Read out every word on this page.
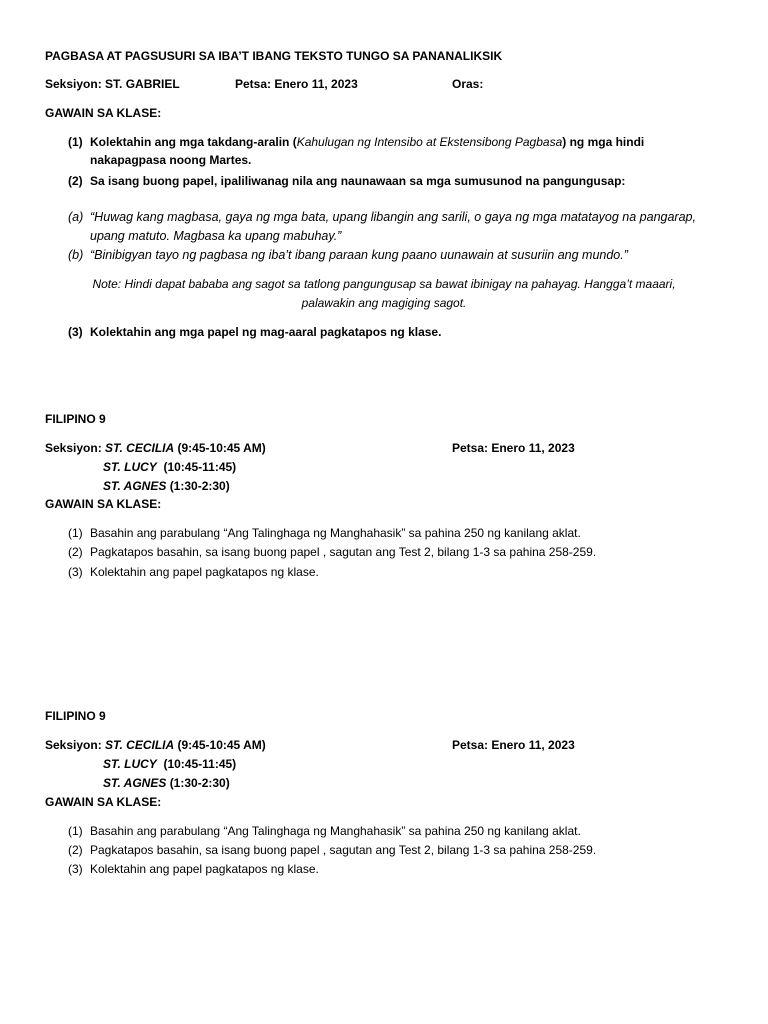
PAGBASA AT PAGSUSURI SA IBA’T IBANG TEKSTO TUNGO SA PANANALIKSIK
Seksiyon: ST. GABRIEL	Petsa: Enero 11, 2023	Oras:
GAWAIN SA KLASE:
(1) Kolektahin ang mga takdang-aralin (Kahulugan ng Intensibo at Ekstensibong Pagbasa) ng mga hindi
nakapagpasa noong Martes.
(2) Sa isang buong papel, ipaliliwanag nila ang naunawaan sa mga sumusunod na pangungusap:
(a) “Huwag kang magbasa, gaya ng mga bata, upang libangin ang sarili, o gaya ng mga matatayog na pangarap,
upang matuto. Magbasa ka upang mabuhay.”
(b) “Binibigyan tayo ng pagbasa ng iba’t ibang paraan kung paano uunawain at susuriin ang mundo.”
Note: Hindi dapat bababa ang sagot sa tatlong pangungusap sa bawat ibinigay na pahayag. Hangga’t maaari,
palawakin ang magiging sagot.
(3) Kolektahin ang mga papel ng mag-aaral pagkatapos ng klase.
FILIPINO 9
Seksiyon: ST. CECILIA (9:45-10:45 AM)	Petsa: Enero 11, 2023
ST. LUCY (10:45-11:45)
ST. AGNES (1:30-2:30)
GAWAIN SA KLASE:
(1) Basahin ang parabulang “Ang Talinghaga ng Manghahasik” sa pahina 250 ng kanilang aklat.
(2) Pagkatapos basahin, sa isang buong papel , sagutan ang Test 2, bilang 1-3 sa pahina 258-259.
(3) Kolektahin ang papel pagkatapos ng klase.
FILIPINO 9
Seksiyon: ST. CECILIA (9:45-10:45 AM)	Petsa: Enero 11, 2023
ST. LUCY (10:45-11:45)
ST. AGNES (1:30-2:30)
GAWAIN SA KLASE:
(1) Basahin ang parabulang “Ang Talinghaga ng Manghahasik” sa pahina 250 ng kanilang aklat.
(2) Pagkatapos basahin, sa isang buong papel , sagutan ang Test 2, bilang 1-3 sa pahina 258-259.
(3) Kolektahin ang papel pagkatapos ng klase.
